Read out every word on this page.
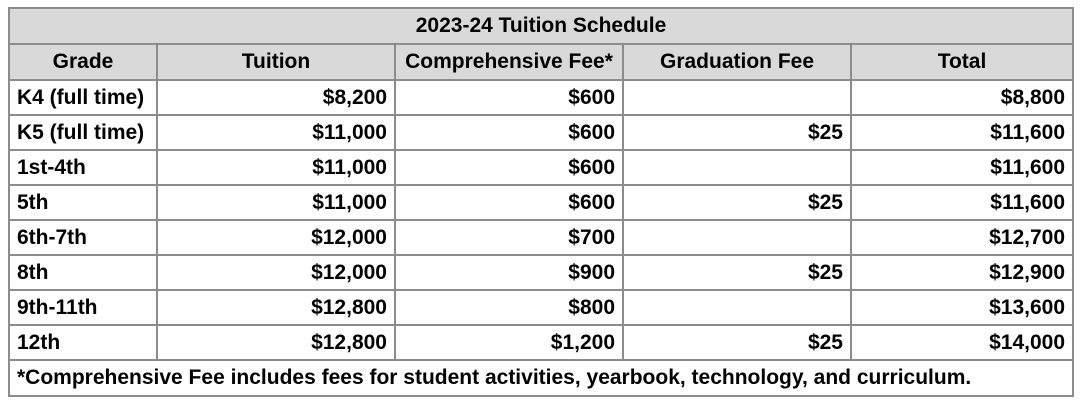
2023-24 Tuition Schedule				
Grade	Tuition	Comprehensive Fee*	Graduation Fee	Total
K4 (full time)	$8,200	$600		$8,800
K5 (full time)	$11,000	$600	$25	$11,600
1st-4th	$11,000	$600		$11,600
5th	$11,000	$600	$25	$11,600
6th-7th	$12,000	$700		$12,700
8th	$12,000	$900	$25	$12,900
9th-11th	$12,800	$800		$13,600
12th	$12,800	$1,200	$25	$14,000
*Comprehensive Fee includes fees for student activities, yearbook, technology, and curriculum.				
